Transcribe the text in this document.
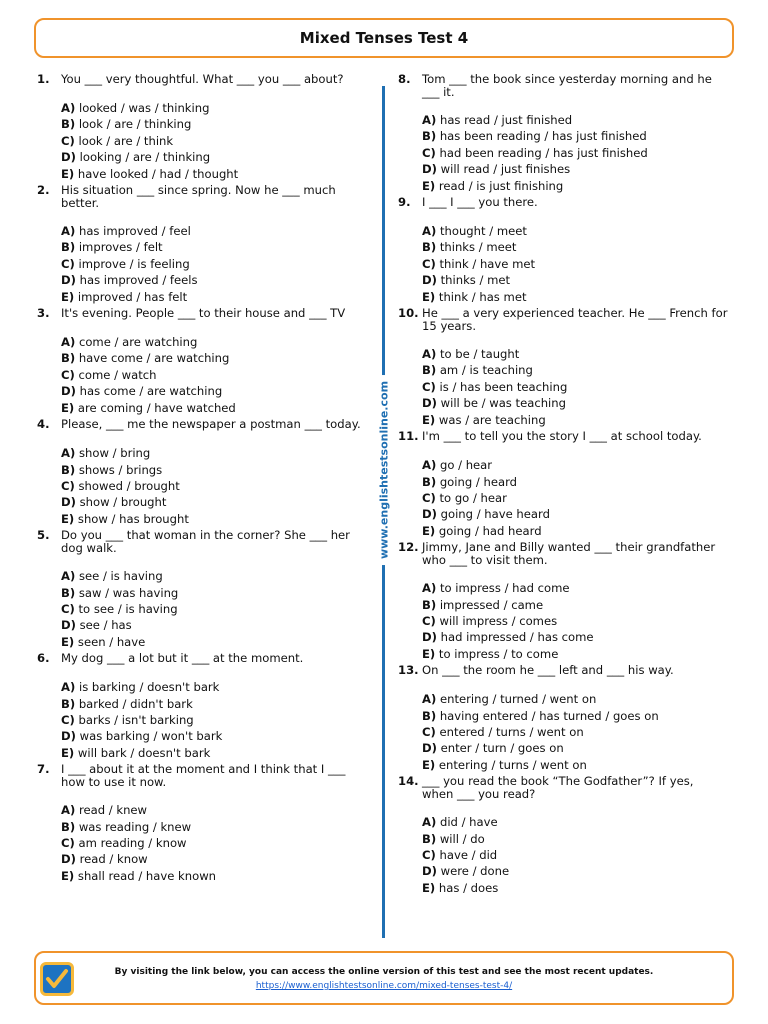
Mixed Tenses Test 4
1. You ___ very thoughtful. What ___ you ___ about?
A) looked / was / thinking
B) look / are / thinking
C) look / are / think
D) looking / are / thinking
E) have looked / had / thought
2. His situation ___ since spring. Now he ___ much better.
A) has improved / feel
B) improves / felt
C) improve / is feeling
D) has improved / feels
E) improved / has felt
3. It's evening. People ___ to their house and ___ TV
A) come / are watching
B) have come / are watching
C) come / watch
D) has come / are watching
E) are coming / have watched
4. Please, ___ me the newspaper a postman ___ today.
A) show / bring
B) shows / brings
C) showed / brought
D) show / brought
E) show / has brought
5. Do you ___ that woman in the corner? She ___ her dog walk.
A) see / is having
B) saw / was having
C) to see / is having
D) see / has
E) seen / have
6. My dog ___ a lot but it ___ at the moment.
A) is barking / doesn't bark
B) barked / didn't bark
C) barks / isn't barking
D) was barking / won't bark
E) will bark / doesn't bark
7. I ___ about it at the moment and I think that I ___ how to use it now.
A) read / knew
B) was reading / knew
C) am reading / know
D) read / know
E) shall read / have known
www.englishtestsonline.com
8. Tom ___ the book since yesterday morning and he ___ it.
A) has read / just finished
B) has been reading / has just finished
C) had been reading / has just finished
D) will read / just finishes
E) read / is just finishing
9. I ___ I ___ you there.
A) thought / meet
B) thinks / meet
C) think / have met
D) thinks / met
E) think / has met
10. He ___ a very experienced teacher. He ___ French for 15 years.
A) to be / taught
B) am / is teaching
C) is / has been teaching
D) will be / was teaching
E) was / are teaching
11. I'm ___ to tell you the story I ___ at school today.
A) go / hear
B) going / heard
C) to go / hear
D) going / have heard
E) going / had heard
12. Jimmy, Jane and Billy wanted ___ their grandfather who ___ to visit them.
A) to impress / had come
B) impressed / came
C) will impress / comes
D) had impressed / has come
E) to impress / to come
13. On ___ the room he ___ left and ___ his way.
A) entering / turned / went on
B) having entered / has turned / goes on
C) entered / turns / went on
D) enter / turn / goes on
E) entering / turns / went on
14. ___ you read the book “The Godfather”? If yes, when ___ you read?
A) did / have
B) will / do
C) have / did
D) were / done
E) has / does
By visiting the link below, you can access the online version of this test and see the most recent updates.
https://www.englishtestsonline.com/mixed-tenses-test-4/
